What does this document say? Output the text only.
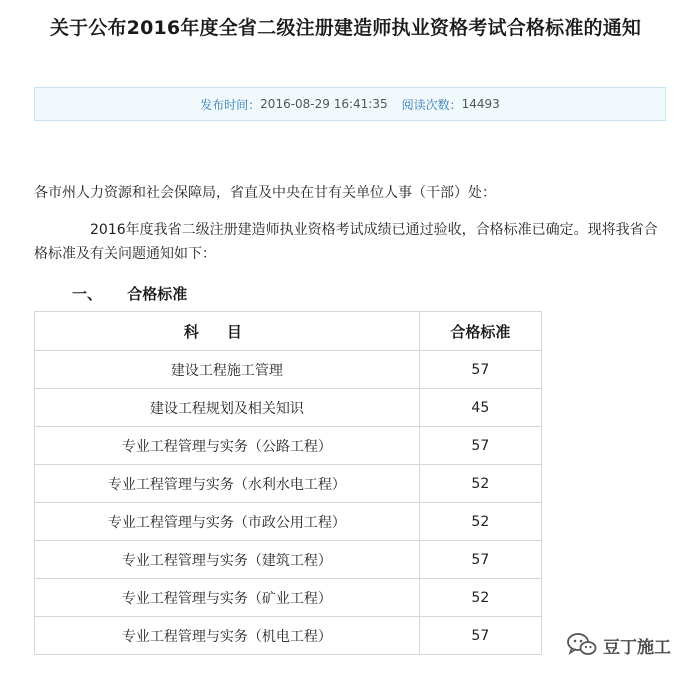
关于公布2016年度全省二级注册建造师执业资格考试合格标准的通知
发布时间： 2016-08-29 16:41:35 阅读次数： 14493
各市州人力资源和社会保障局，省直及中央在甘有关单位人事（干部）处：
2016年度我省二级注册建造师执业资格考试成绩已通过验收，合格标准已确定。现将我省合格标准及有关问题通知如下：
一、 合格标准
科目	合格标准
建设工程施工管理	57
建设工程规划及相关知识	45
专业工程管理与实务（公路工程）	57
专业工程管理与实务（水利水电工程）	52
专业工程管理与实务（市政公用工程）	52
专业工程管理与实务（建筑工程）	57
专业工程管理与实务（矿业工程）	52
专业工程管理与实务（机电工程）	57
豆丁施工
